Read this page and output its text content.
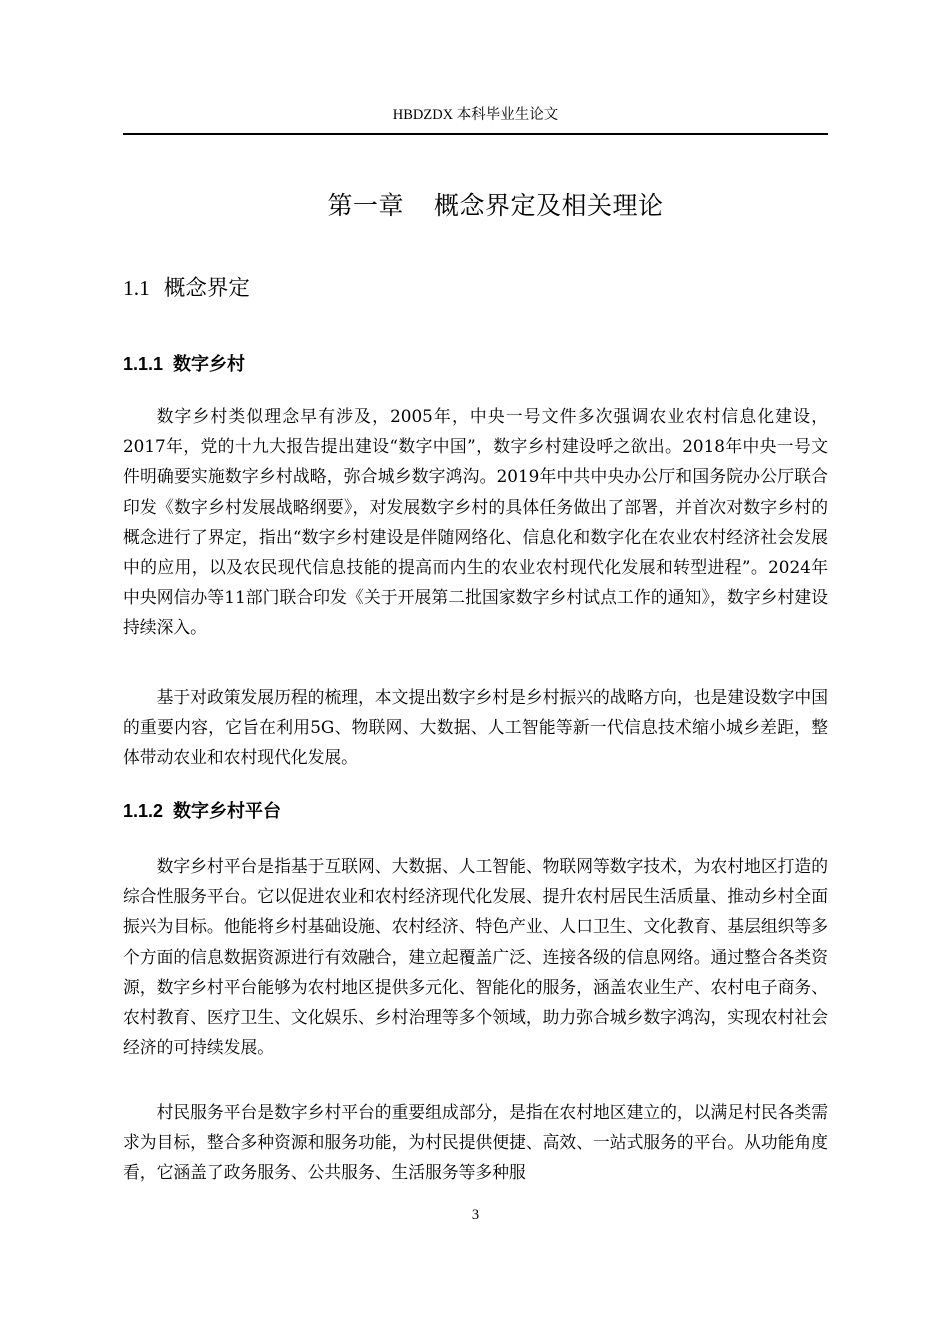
HBDZDX 本科毕业生论文
第一章 概念界定及相关理论
1.1 概念界定
1.1.1 数字乡村

数字乡村类似理念早有涉及，2005年，中央一号文件多次强调农业农村信息化建设，2017年，党的十九大报告提出建设“数字中国”，数字乡村建设呼之欲出。2018年中央一号文件明确要实施数字乡村战略，弥合城乡数字鸿沟。2019年中共中央办公厅和国务院办公厅联合印发《数字乡村发展战略纲要》，对发展数字乡村的具体任务做出了部署，并首次对数字乡村的概念进行了界定，指出“数字乡村建设是伴随网络化、信息化和数字化在农业农村经济社会发展中的应用，以及农民现代信息技能的提高而内生的农业农村现代化发展和转型进程”。2024年中央网信办等11部门联合印发《关于开展第二批国家数字乡村试点工作的通知》，数字乡村建设持续深入。

基于对政策发展历程的梳理，本文提出数字乡村是乡村振兴的战略方向，也是建设数字中国的重要内容，它旨在利用5G、物联网、大数据、人工智能等新一代信息技术缩小城乡差距，整体带动农业和农村现代化发展。

1.1.2 数字乡村平台

数字乡村平台是指基于互联网、大数据、人工智能、物联网等数字技术，为农村地区打造的综合性服务平台。它以促进农业和农村经济现代化发展、提升农村居民生活质量、推动乡村全面振兴为目标。他能将乡村基础设施、农村经济、特色产业、人口卫生、文化教育、基层组织等多个方面的信息数据资源进行有效融合，建立起覆盖广泛、连接各级的信息网络。通过整合各类资源，数字乡村平台能够为农村地区提供多元化、智能化的服务，涵盖农业生产、农村电子商务、农村教育、医疗卫生、文化娱乐、乡村治理等多个领域，助力弥合城乡数字鸿沟，实现农村社会经济的可持续发展。

村民服务平台是数字乡村平台的重要组成部分，是指在农村地区建立的，以满足村民各类需求为目标，整合多种资源和服务功能，为村民提供便捷、高效、一站式服务的平台。从功能角度看，它涵盖了政务服务、公共服务、生活服务等多种服

3
